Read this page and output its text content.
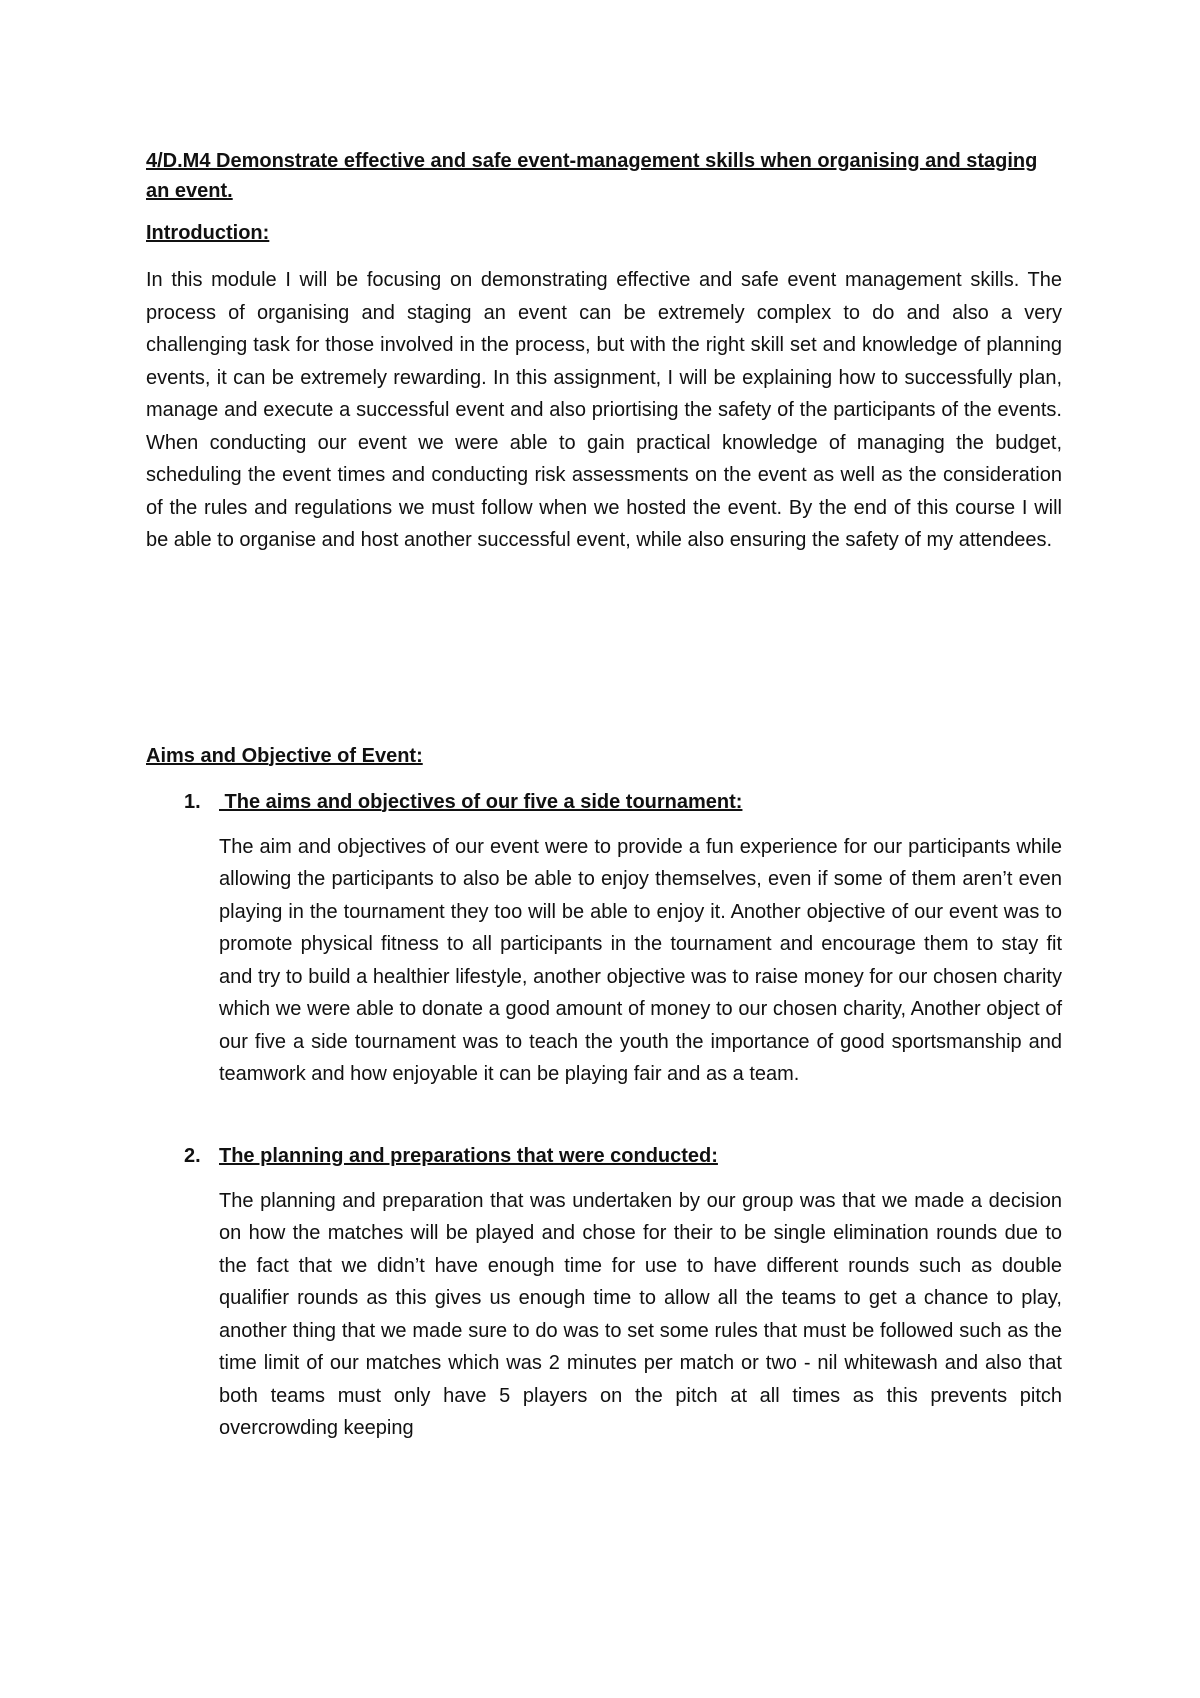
4/D.M4 Demonstrate effective and safe event-management skills when organising and staging an event.

Introduction:

In this module I will be focusing on demonstrating effective and safe event management skills. The process of organising and staging an event can be extremely complex to do and also a very challenging task for those involved in the process, but with the right skill set and knowledge of planning events, it can be extremely rewarding. In this assignment, I will be explaining how to successfully plan, manage and execute a successful event and also priortising the safety of the participants of the events. When conducting our event we were able to gain practical knowledge of managing the budget, scheduling the event times and conducting risk assessments on the event as well as the consideration of the rules and regulations we must follow when we hosted the event. By the end of this course I will be able to organise and host another successful event, while also ensuring the safety of my attendees.

Aims and Objective of Event:

1. The aims and objectives of our five a side tournament:

The aim and objectives of our event were to provide a fun experience for our participants while allowing the participants to also be able to enjoy themselves, even if some of them aren’t even playing in the tournament they too will be able to enjoy it. Another objective of our event was to promote physical fitness to all participants in the tournament and encourage them to stay fit and try to build a healthier lifestyle, another objective was to raise money for our chosen charity which we were able to donate a good amount of money to our chosen charity, Another object of our five a side tournament was to teach the youth the importance of good sportsmanship and teamwork and how enjoyable it can be playing fair and as a team.

2. The planning and preparations that were conducted:

The planning and preparation that was undertaken by our group was that we made a decision on how the matches will be played and chose for their to be single elimination rounds due to the fact that we didn’t have enough time for use to have different rounds such as double qualifier rounds as this gives us enough time to allow all the teams to get a chance to play, another thing that we made sure to do was to set some rules that must be followed such as the time limit of our matches which was 2 minutes per match or two - nil whitewash and also that both teams must only have 5 players on the pitch at all times as this prevents pitch overcrowding keeping
